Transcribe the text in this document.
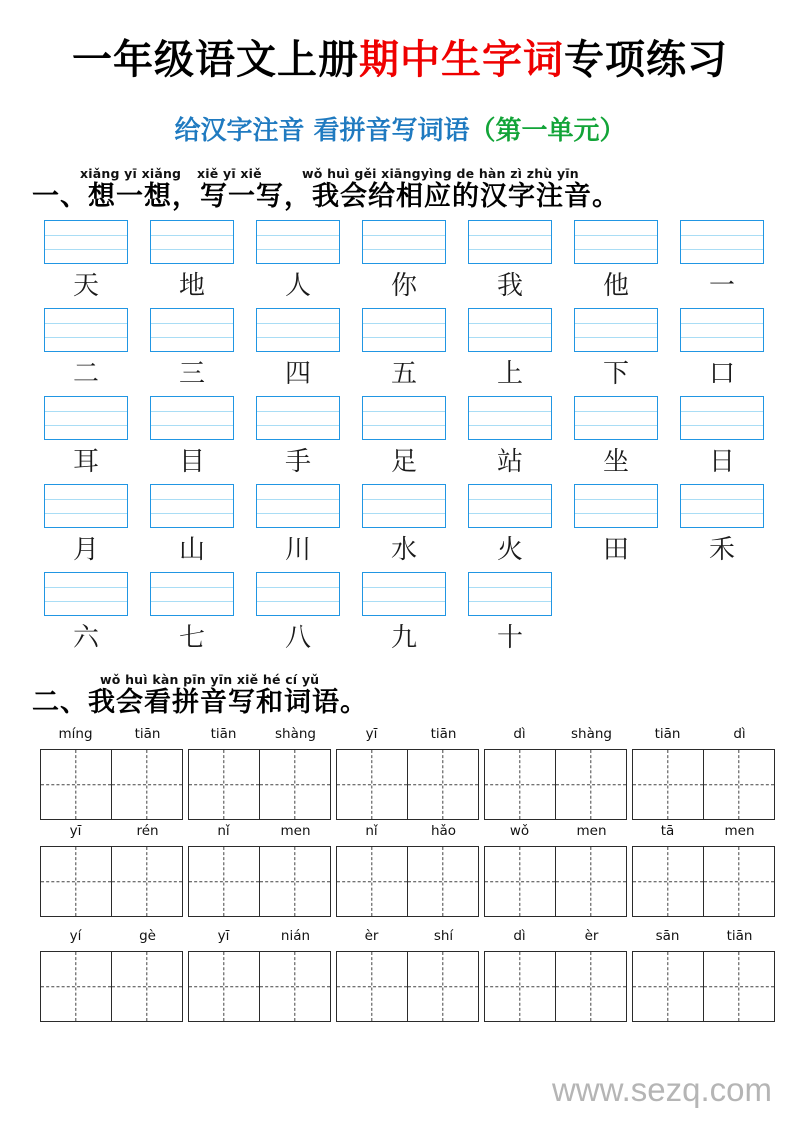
一年级语文上册期中生字词专项练习
给汉字注音 看拼音写词语（第一单元）
xiǎng yī xiǎng xiě yī xiě	wǒ huì gěi xiāngyìng de hàn zì zhù yīn
一、想一想，写一写，我会给相应的汉字注音。
天	地	人	你	我	他	一
二	三	四	五	上	下	口
耳	目	手	足	站	坐	日
月	山	川	水	火	田	禾
六	七	八	九	十
wǒ huì kàn pīn yīn xiě hé cí yǔ
二、我会看拼音写和词语。
míng	tiān	tiān	shàng	yī	tiān	dì	shàng	tiān	dì
yī	rén	nǐ	men	nǐ	hǎo	wǒ	men	tā	men
yí	gè	yī	nián	èr	shí	dì	èr	sān	tiān
www.sezq.com
